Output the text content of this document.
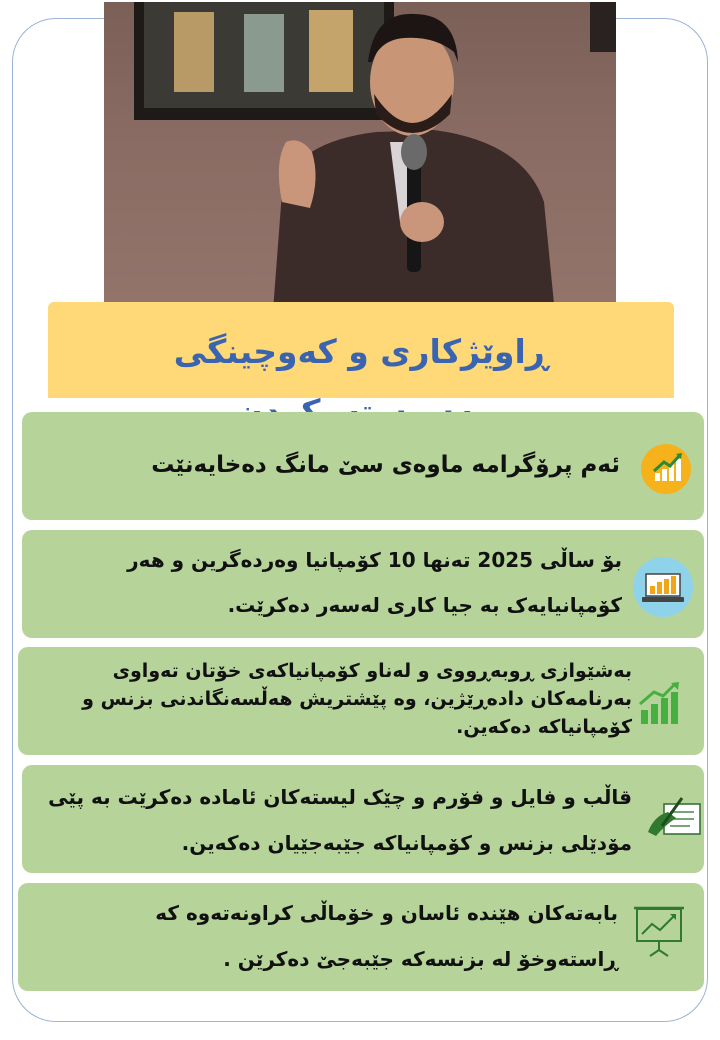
ڕاوێژکاری و کەوچینگی
ئەم پرۆگرامە ماوەی سێ مانگ دەخایەنێت
بۆ ساڵی 2025 تەنها 10 کۆمپانیا وەردەگرین و هەر کۆمپانیایەک بە جیا کاری لەسەر دەکرێت.
بەشێوازی ڕوبەڕووی و لەناو کۆمپانیاکەی خۆتان تەواوی بەرنامەکان دادەڕێژین، وە پێشتریش هەڵسەنگاندنی بزنس و کۆمپانیاکە دەکەین.
قاڵب و فایل و فۆرم و چێک لیستەکان ئامادە دەکرێت بە پێی مۆدێلی بزنس و کۆمپانیاکە جێبەجێیان دەکەین.
بابەتەکان هێندە ئاسان و خۆماڵی کراونەتەوە کە ڕاستەوخۆ لە بزنسەکە جێبەجێ دەکرێن .
